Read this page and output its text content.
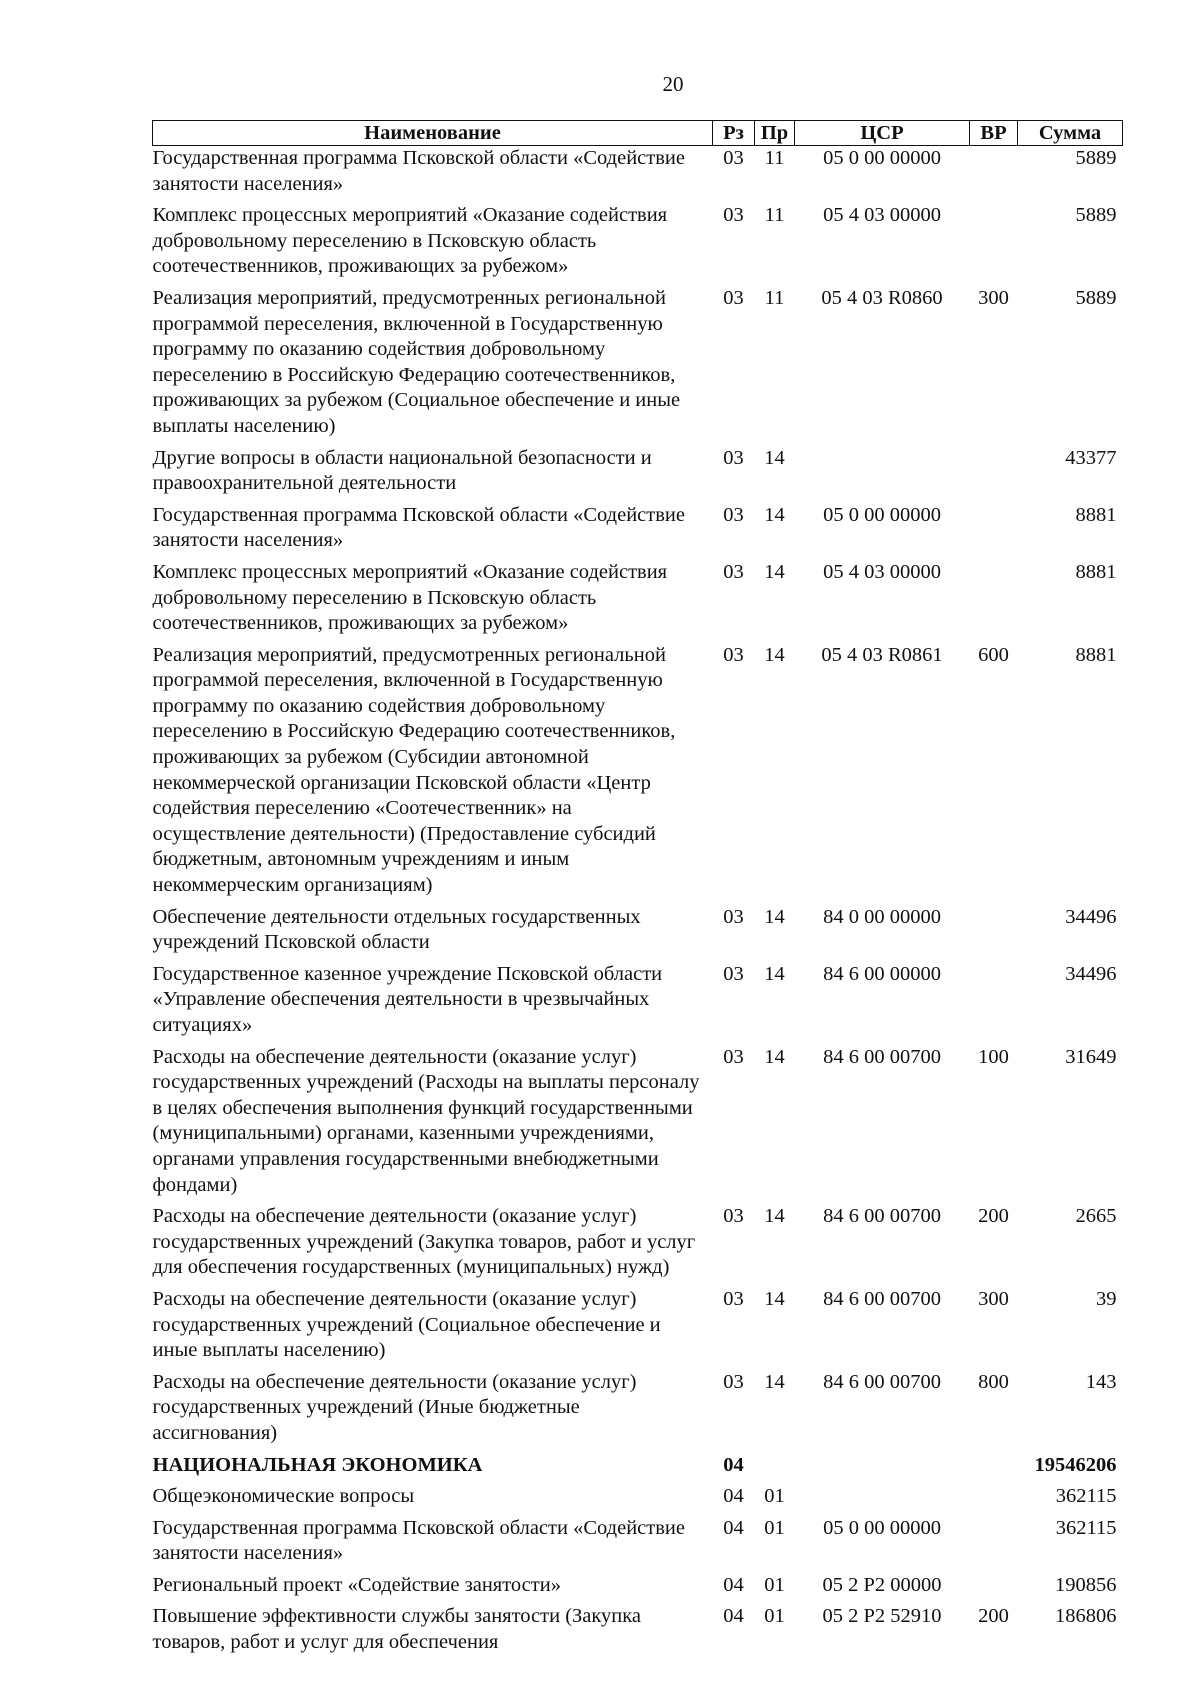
20
Наименование	Рз	Пр	ЦСР	ВР	Сумма
Государственная программа Псковской области «Содействие занятости населения»	03	11	05 0 00 00000		5889
Комплекс процессных мероприятий «Оказание содействия добровольному переселению в Псковскую область соотечественников, проживающих за рубежом»	03	11	05 4 03 00000		5889
Реализация мероприятий, предусмотренных региональной программой переселения, включенной в Государственную программу по оказанию содействия добровольному переселению в Российскую Федерацию соотечественников, проживающих за рубежом (Социальное обеспечение и иные выплаты населению)	03	11	05 4 03 R0860	300	5889
Другие вопросы в области национальной безопасности и правоохранительной деятельности	03	14			43377
Государственная программа Псковской области «Содействие занятости населения»	03	14	05 0 00 00000		8881
Комплекс процессных мероприятий «Оказание содействия добровольному переселению в Псковскую область соотечественников, проживающих за рубежом»	03	14	05 4 03 00000		8881
Реализация мероприятий, предусмотренных региональной программой переселения, включенной в Государственную программу по оказанию содействия добровольному переселению в Российскую Федерацию соотечественников, проживающих за рубежом (Субсидии автономной некоммерческой организации Псковской области «Центр содействия переселению «Соотечественник» на осуществление деятельности) (Предоставление субсидий бюджетным, автономным учреждениям и иным некоммерческим организациям)	03	14	05 4 03 R0861	600	8881
Обеспечение деятельности отдельных государственных учреждений Псковской области	03	14	84 0 00 00000		34496
Государственное казенное учреждение Псковской области «Управление обеспечения деятельности в чрезвычайных ситуациях»	03	14	84 6 00 00000		34496
Расходы на обеспечение деятельности (оказание услуг) государственных учреждений (Расходы на выплаты персоналу в целях обеспечения выполнения функций государственными (муниципальными) органами, казенными учреждениями, органами управления государственными внебюджетными фондами)	03	14	84 6 00 00700	100	31649
Расходы на обеспечение деятельности (оказание услуг) государственных учреждений (Закупка товаров, работ и услуг для обеспечения государственных (муниципальных) нужд)	03	14	84 6 00 00700	200	2665
Расходы на обеспечение деятельности (оказание услуг) государственных учреждений (Социальное обеспечение и иные выплаты населению)	03	14	84 6 00 00700	300	39
Расходы на обеспечение деятельности (оказание услуг) государственных учреждений (Иные бюджетные ассигнования)	03	14	84 6 00 00700	800	143
НАЦИОНАЛЬНАЯ ЭКОНОМИКА	04				19546206
Общеэкономические вопросы	04	01			362115
Государственная программа Псковской области «Содействие занятости населения»	04	01	05 0 00 00000		362115
Региональный проект «Содействие занятости»	04	01	05 2 Р2 00000		190856
Повышение эффективности службы занятости (Закупка товаров, работ и услуг для обеспечения	04	01	05 2 Р2 52910	200	186806
